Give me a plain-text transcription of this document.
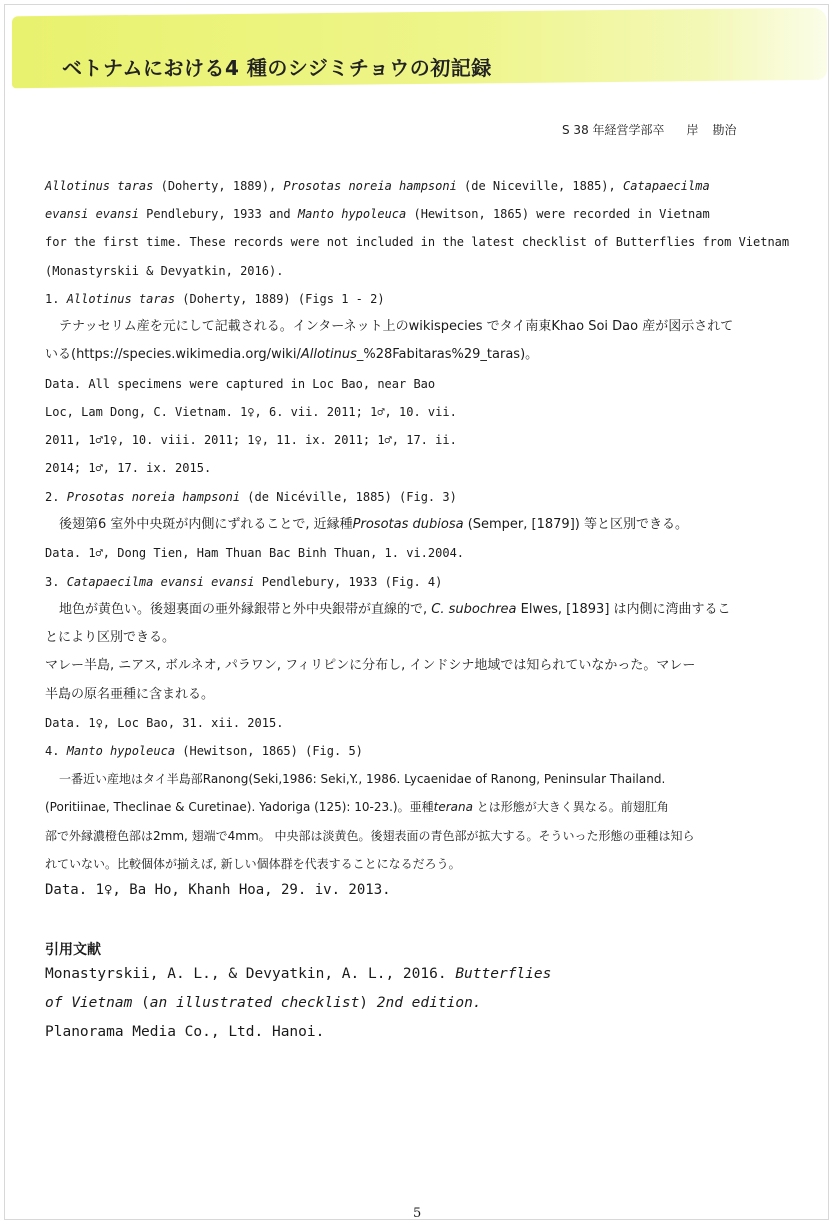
ベトナムにおける4 種のシジミチョウの初記録
S 38 年経営学部卒 岸 勘治
Allotinus taras (Doherty, 1889), Prosotas noreia hampsoni (de Niceville, 1885), Catapaecilma
evansi evansi Pendlebury, 1933 and Manto hypoleuca (Hewitson, 1865) were recorded in Vietnam
for the first time. These records were not included in the latest checklist of Butterflies from Vietnam
(Monastyrskii & Devyatkin, 2016).
1. Allotinus taras (Doherty, 1889) (Figs 1 - 2)
テナッセリム産を元にして記載される。インターネット上のwikispecies でタイ南東Khao Soi Dao 産が図示されて
いる(https://species.wikimedia.org/wiki/Allotinus_%28Fabitaras%29_taras)。
Data. All specimens were captured in Loc Bao, near Bao
Loc, Lam Dong, C. Vietnam. 1♀, 6. vii. 2011; 1♂, 10. vii.
2011, 1♂1♀, 10. viii. 2011; 1♀, 11. ix. 2011; 1♂, 17. ii.
2014; 1♂, 17. ix. 2015.
2. Prosotas noreia hampsoni (de Nicéville, 1885) (Fig. 3)
後翅第6 室外中央斑が内側にずれることで, 近縁種Prosotas dubiosa (Semper, [1879]) 等と区別できる。
Data. 1♂, Dong Tien, Ham Thuan Bac Binh Thuan, 1. vi.2004.
3. Catapaecilma evansi evansi Pendlebury, 1933 (Fig. 4)
地色が黄色い。後翅裏面の亜外縁銀帯と外中央銀帯が直線的で, C. subochrea Elwes, [1893] は内側に湾曲するこ
とにより区別できる。
マレー半島, ニアス, ボルネオ, パラワン, フィリピンに分布し, インドシナ地域では知られていなかった。マレー
半島の原名亜種に含まれる。
Data. 1♀, Loc Bao, 31. xii. 2015.
4. Manto hypoleuca (Hewitson, 1865) (Fig. 5)
一番近い産地はタイ半島部Ranong(Seki,1986: Seki,Y., 1986. Lycaenidae of Ranong, Peninsular Thailand.
(Poritiinae, Theclinae & Curetinae). Yadoriga (125): 10-23.)。亜種terana とは形態が大きく異なる。前翅肛角
部で外縁濃橙色部は2mm, 翅端で4mm。 中央部は淡黄色。後翅表面の青色部が拡大する。そういった形態の亜種は知ら
れていない。比較個体が揃えば, 新しい個体群を代表することになるだろう。
Data. 1♀, Ba Ho, Khanh Hoa, 29. iv. 2013.
引用文献
Monastyrskii, A. L., & Devyatkin, A. L., 2016. Butterflies
of Vietnam (an illustrated checklist) 2nd edition.
Planorama Media Co., Ltd. Hanoi.
5
